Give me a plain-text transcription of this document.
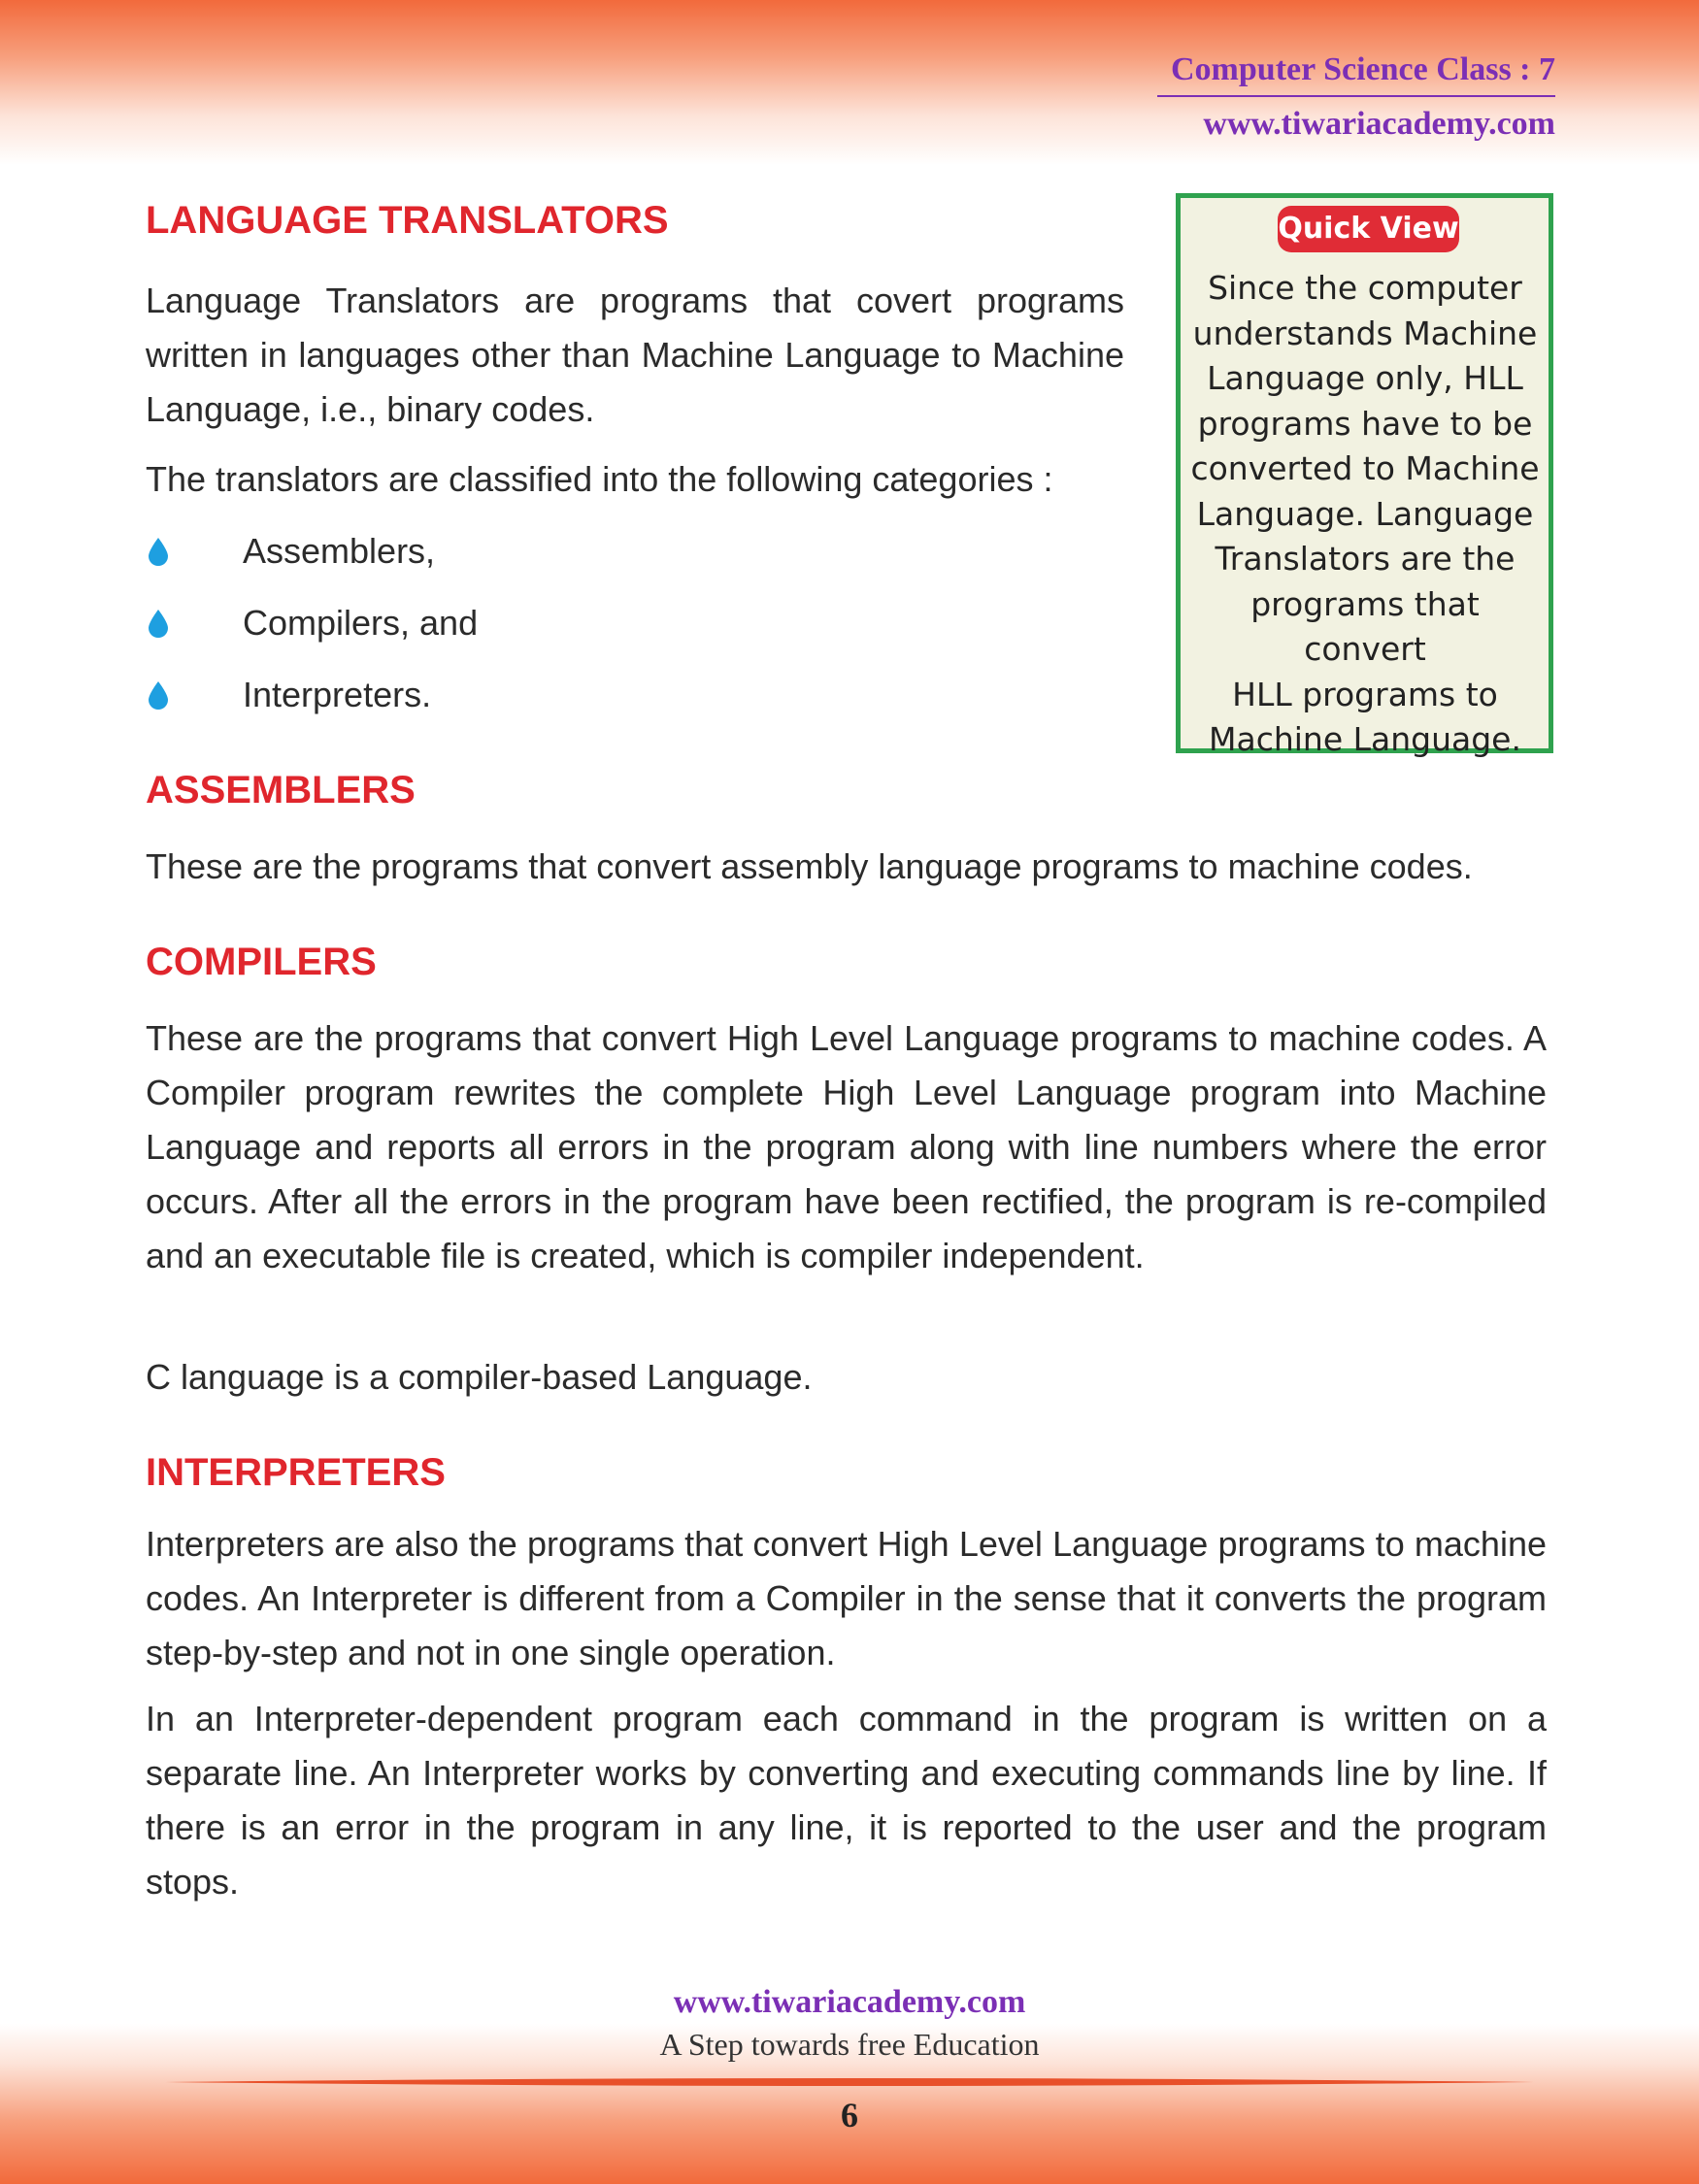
Computer Science Class : 7
www.tiwariacademy.com
LANGUAGE TRANSLATORS

Language Translators are programs that covert programs written in languages other than Machine Language to Machine Language, i.e., binary codes.

The translators are classified into the following categories :

Assemblers,
Compilers, and
Interpreters.
Quick View
Since the computer
understands Machine
Language only, HLL
programs have to be
converted to Machine
Language. Language
Translators are the
programs that convert
HLL programs to
Machine Language.
ASSEMBLERS

These are the programs that convert assembly language programs to machine codes.

COMPILERS

These are the programs that convert High Level Language programs to machine codes. A Compiler program rewrites the complete High Level Language program into Machine Language and reports all errors in the program along with line numbers where the error occurs. After all the errors in the program have been rectified, the program is re-compiled and an executable file is created, which is compiler independent.

C language is a compiler-based Language.

INTERPRETERS

Interpreters are also the programs that convert High Level Language programs to machine codes. An Interpreter is different from a Compiler in the sense that it converts the program step-by-step and not in one single operation.

In an Interpreter-dependent program each command in the program is written on a separate line. An Interpreter works by converting and executing commands line by line. If there is an error in the program in any line, it is reported to the user and the program stops.

www.tiwariacademy.com
A Step towards free Education
6
